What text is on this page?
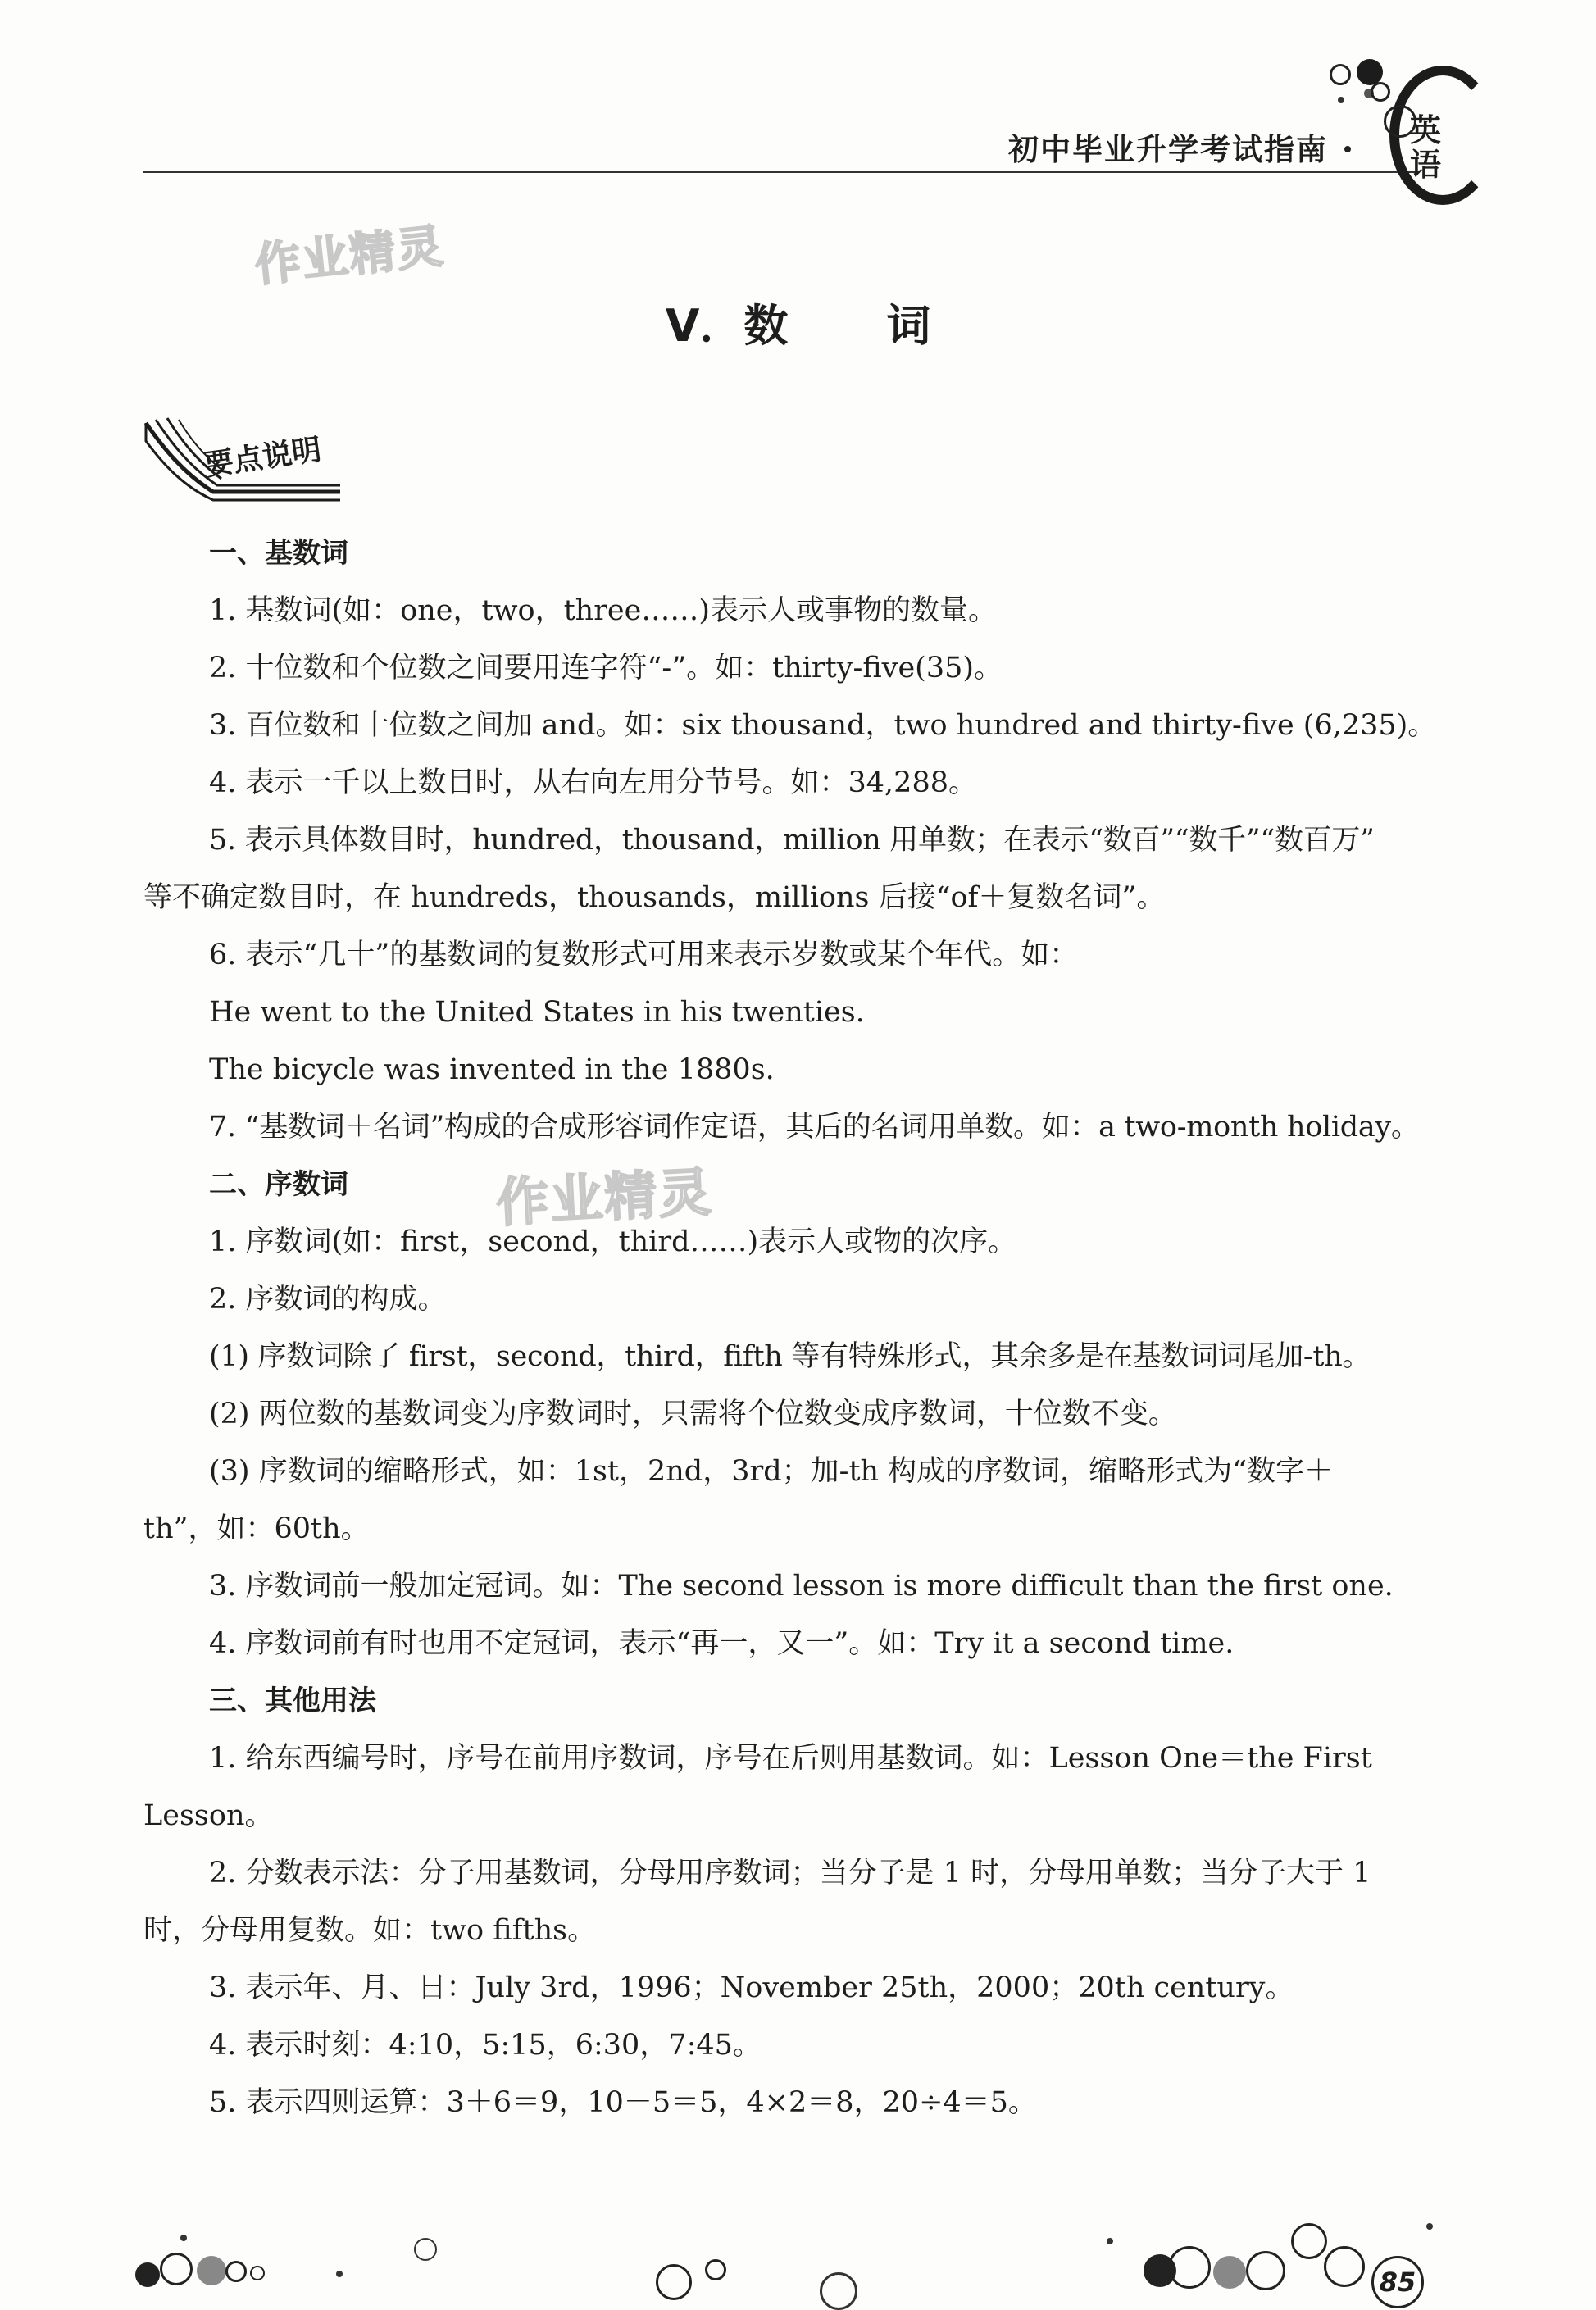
初中毕业升学考试指南
英
语
作业精灵
作业精灵
V．数 词
要点说明
一、基数词
1. 基数词(如：one，two，three……)表示人或事物的数量。
2. 十位数和个位数之间要用连字符“-”。如：thirty-five(35)。
3. 百位数和十位数之间加 and。如：six thousand，two hundred and thirty-five (6,235)。
4. 表示一千以上数目时，从右向左用分节号。如：34,288。
5. 表示具体数目时，hundred，thousand，million 用单数；在表示“数百”“数千”“数百万”
等不确定数目时，在 hundreds，thousands，millions 后接“of＋复数名词”。
6. 表示“几十”的基数词的复数形式可用来表示岁数或某个年代。如：
He went to the United States in his twenties.
The bicycle was invented in the 1880s.
7. “基数词＋名词”构成的合成形容词作定语，其后的名词用单数。如：a two-month holiday。
二、序数词
1. 序数词(如：first，second，third……)表示人或物的次序。
2. 序数词的构成。
(1) 序数词除了 first，second，third，fifth 等有特殊形式，其余多是在基数词词尾加-th。
(2) 两位数的基数词变为序数词时，只需将个位数变成序数词，十位数不变。
(3) 序数词的缩略形式，如：1st，2nd，3rd；加-th 构成的序数词，缩略形式为“数字＋
th”，如：60th。
3. 序数词前一般加定冠词。如：The second lesson is more difficult than the first one.
4. 序数词前有时也用不定冠词，表示“再一，又一”。如：Try it a second time.
三、其他用法
1. 给东西编号时，序号在前用序数词，序号在后则用基数词。如：Lesson One＝the First
Lesson。
2. 分数表示法：分子用基数词，分母用序数词；当分子是 1 时，分母用单数；当分子大于 1
时，分母用复数。如：two fifths。
3. 表示年、月、日：July 3rd，1996；November 25th，2000；20th century。
4. 表示时刻：4:10，5:15，6:30，7:45。
5. 表示四则运算：3＋6＝9，10－5＝5，4×2＝8，20÷4＝5。
85
